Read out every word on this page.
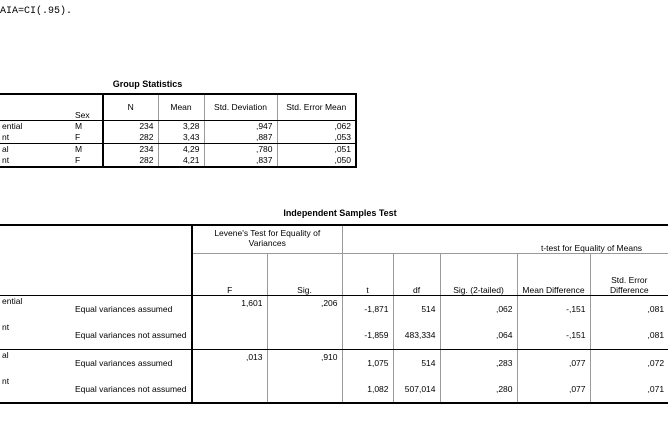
AIA=CI(.95).
Group Statistics
	Sex	N	Mean	Std. Deviation	Std. Error Mean
ential	M	234	3,28	,947	,062
nt	F	282	3,43	,887	,053
al	M	234	4,29	,780	,051
nt	F	282	4,21	,837	,050
Independent Samples Test
		Levene's Test for Equality of Variances		t-test for Equality of Means				
		F	Sig.	t	df	Sig. (2-tailed)	Mean Difference	Std. Error Difference
ential	Equal variances assumed	1,601	,206	-1,871	514	,062	-,151	,081
nt	Equal variances not assumed			-1,859	483,334	,064	-,151	,081
al	Equal variances assumed	,013	,910	1,075	514	,283	,077	,072
nt	Equal variances not assumed			1,082	507,014	,280	,077	,071
